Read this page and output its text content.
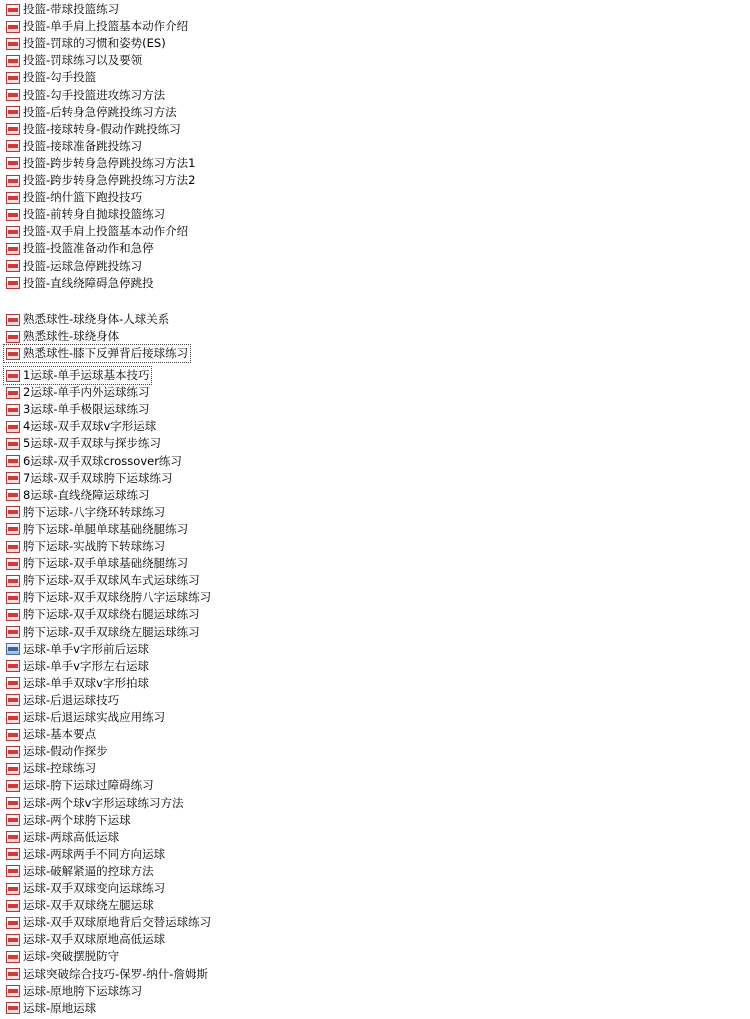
投篮-带球投篮练习
投篮-单手肩上投篮基本动作介绍
投篮-罚球的习惯和姿势(ES)
投篮-罚球练习以及要领
投篮-勾手投篮
投篮-勾手投篮进攻练习方法
投篮-后转身急停跳投练习方法
投篮-接球转身-假动作跳投练习
投篮-接球准备跳投练习
投篮-跨步转身急停跳投练习方法1
投篮-跨步转身急停跳投练习方法2
投篮-纳什篮下跑投技巧
投篮-前转身自抛球投篮练习
投篮-双手肩上投篮基本动作介绍
投篮-投篮准备动作和急停
投篮-运球急停跳投练习
投篮-直线绕障碍急停跳投
熟悉球性-球绕身体-人球关系
熟悉球性-球绕身体
熟悉球性-膝下反弹背后接球练习
1运球-单手运球基本技巧
2运球-单手内外运球练习
3运球-单手极限运球练习
4运球-双手双球v字形运球
5运球-双手双球与探步练习
6运球-双手双球crossover练习
7运球-双手双球胯下运球练习
8运球-直线绕障运球练习
胯下运球-八字绕环转球练习
胯下运球-单腿单球基础绕腿练习
胯下运球-实战胯下转球练习
胯下运球-双手单球基础绕腿练习
胯下运球-双手双球风车式运球练习
胯下运球-双手双球绕胯八字运球练习
胯下运球-双手双球绕右腿运球练习
胯下运球-双手双球绕左腿运球练习
运球-单手v字形前后运球
运球-单手v字形左右运球
运球-单手双球v字形拍球
运球-后退运球技巧
运球-后退运球实战应用练习
运球-基本要点
运球-假动作探步
运球-控球练习
运球-胯下运球过障碍练习
运球-两个球v字形运球练习方法
运球-两个球胯下运球
运球-两球高低运球
运球-两球两手不同方向运球
运球-破解紧逼的控球方法
运球-双手双球变向运球练习
运球-双手双球绕左腿运球
运球-双手双球原地背后交替运球练习
运球-双手双球原地高低运球
运球-突破摆脱防守
运球突破综合技巧-保罗-纳什-詹姆斯
运球-原地胯下运球练习
运球-原地运球
